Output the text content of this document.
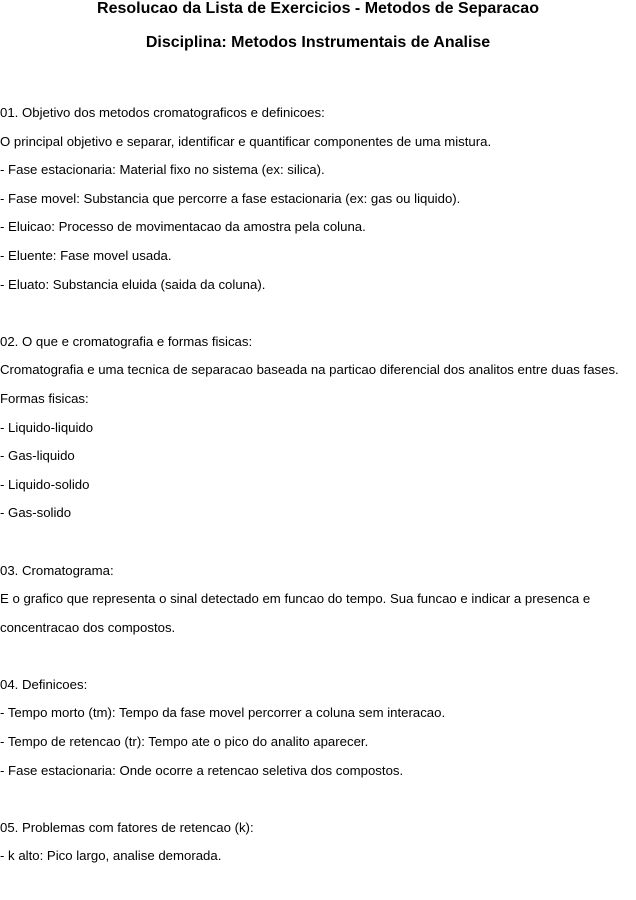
Resolucao da Lista de Exercicios - Metodos de Separacao
Disciplina: Metodos Instrumentais de Analise

01. Objetivo dos metodos cromatograficos e definicoes:

O principal objetivo e separar, identificar e quantificar componentes de uma mistura.

- Fase estacionaria: Material fixo no sistema (ex: silica).

- Fase movel: Substancia que percorre a fase estacionaria (ex: gas ou liquido).

- Eluicao: Processo de movimentacao da amostra pela coluna.

- Eluente: Fase movel usada.

- Eluato: Substancia eluida (saida da coluna).

02. O que e cromatografia e formas fisicas:

Cromatografia e uma tecnica de separacao baseada na particao diferencial dos analitos entre duas fases.

Formas fisicas:

- Liquido-liquido

- Gas-liquido

- Liquido-solido

- Gas-solido

03. Cromatograma:

E o grafico que representa o sinal detectado em funcao do tempo. Sua funcao e indicar a presenca e concentracao dos compostos.

04. Definicoes:

- Tempo morto (tm): Tempo da fase movel percorrer a coluna sem interacao.

- Tempo de retencao (tr): Tempo ate o pico do analito aparecer.

- Fase estacionaria: Onde ocorre a retencao seletiva dos compostos.

05. Problemas com fatores de retencao (k):

- k alto: Pico largo, analise demorada.
